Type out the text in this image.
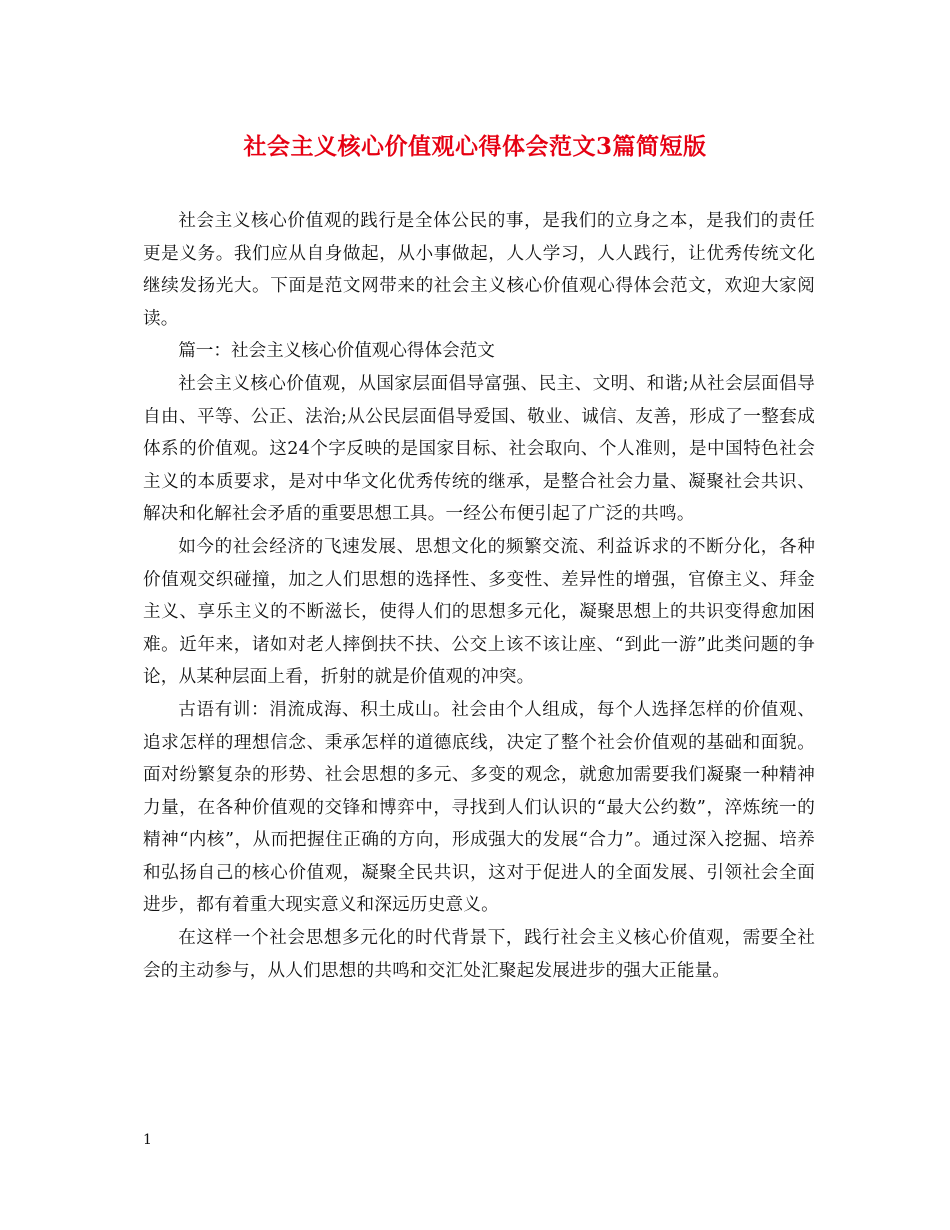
社会主义核心价值观心得体会范文3篇简短版

社会主义核心价值观的践行是全体公民的事，是我们的立身之本，是我们的责任更是义务。我们应从自身做起，从小事做起，人人学习，人人践行，让优秀传统文化继续发扬光大。下面是范文网带来的社会主义核心价值观心得体会范文，欢迎大家阅读。

篇一：社会主义核心价值观心得体会范文

社会主义核心价值观，从国家层面倡导富强、民主、文明、和谐;从社会层面倡导自由、平等、公正、法治;从公民层面倡导爱国、敬业、诚信、友善，形成了一整套成体系的价值观。这24个字反映的是国家目标、社会取向、个人准则，是中国特色社会主义的本质要求，是对中华文化优秀传统的继承，是整合社会力量、凝聚社会共识、解决和化解社会矛盾的重要思想工具。一经公布便引起了广泛的共鸣。

如今的社会经济的飞速发展、思想文化的频繁交流、利益诉求的不断分化，各种价值观交织碰撞，加之人们思想的选择性、多变性、差异性的增强，官僚主义、拜金主义、享乐主义的不断滋长，使得人们的思想多元化，凝聚思想上的共识变得愈加困难。近年来，诸如对老人摔倒扶不扶、公交上该不该让座、“到此一游”此类问题的争论，从某种层面上看，折射的就是价值观的冲突。

古语有训：涓流成海、积土成山。社会由个人组成，每个人选择怎样的价值观、追求怎样的理想信念、秉承怎样的道德底线，决定了整个社会价值观的基础和面貌。面对纷繁复杂的形势、社会思想的多元、多变的观念，就愈加需要我们凝聚一种精神力量，在各种价值观的交锋和博弈中，寻找到人们认识的“最大公约数”，淬炼统一的精神“内核”，从而把握住正确的方向，形成强大的发展“合力”。通过深入挖掘、培养和弘扬自己的核心价值观，凝聚全民共识，这对于促进人的全面发展、引领社会全面进步，都有着重大现实意义和深远历史意义。

在这样一个社会思想多元化的时代背景下，践行社会主义核心价值观，需要全社会的主动参与，从人们思想的共鸣和交汇处汇聚起发展进步的强大正能量。

1
